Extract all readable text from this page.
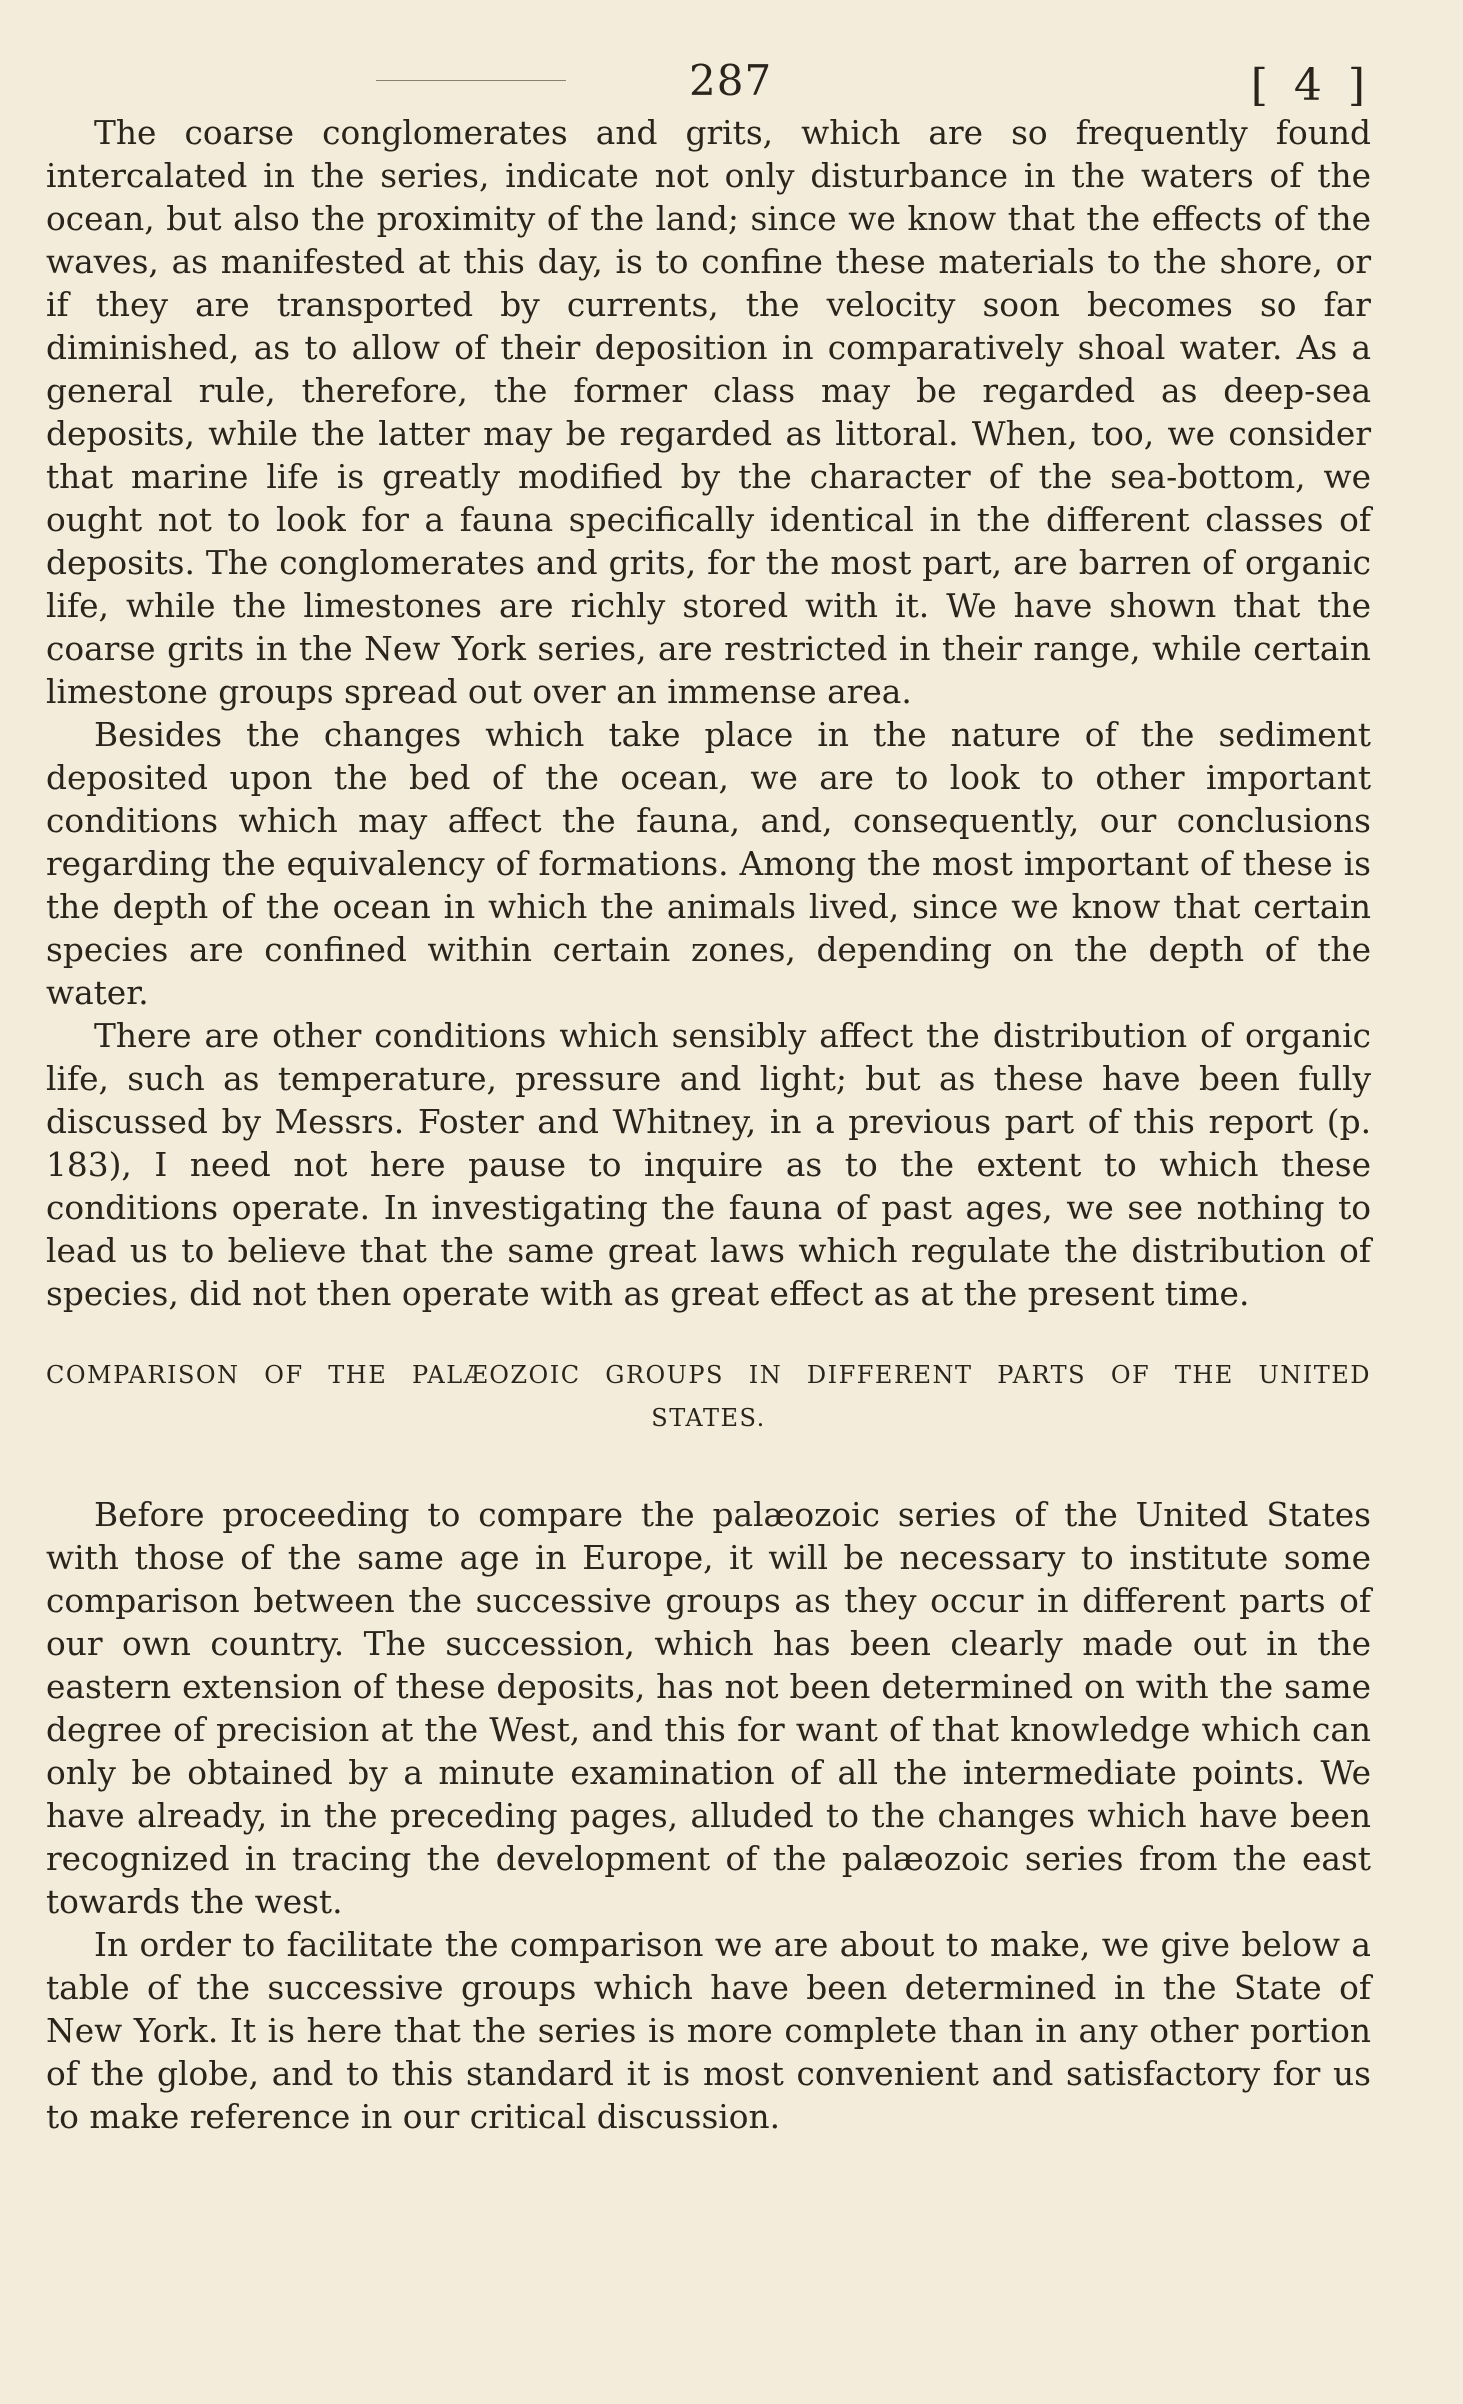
287	[ 4 ]

The coarse conglomerates and grits, which are so frequently found intercalated in the series, indicate not only disturbance in the waters of the ocean, but also the proximity of the land; since we know that the effects of the waves, as manifested at this day, is to confine these materials to the shore, or if they are transported by currents, the velocity soon becomes so far diminished, as to allow of their deposition in comparatively shoal water. As a general rule, therefore, the former class may be regarded as deep-sea deposits, while the latter may be regarded as littoral. When, too, we consider that marine life is greatly modified by the character of the sea-bottom, we ought not to look for a fauna specifically identical in the different classes of deposits. The conglomerates and grits, for the most part, are barren of organic life, while the limestones are richly stored with it. We have shown that the coarse grits in the New York series, are restricted in their range, while certain limestone groups spread out over an immense area.

Besides the changes which take place in the nature of the sediment deposited upon the bed of the ocean, we are to look to other important conditions which may affect the fauna, and, consequently, our conclusions regarding the equivalency of formations. Among the most important of these is the depth of the ocean in which the animals lived, since we know that certain species are confined within certain zones, depending on the depth of the water.

There are other conditions which sensibly affect the distribution of organic life, such as temperature, pressure and light; but as these have been fully discussed by Messrs. Foster and Whitney, in a previous part of this report (p. 183), I need not here pause to inquire as to the extent to which these conditions operate. In investigating the fauna of past ages, we see nothing to lead us to believe that the same great laws which regulate the distribution of species, did not then operate with as great effect as at the present time.

COMPARISON OF THE PALÆOZOIC GROUPS IN DIFFERENT PARTS OF THE UNITED
STATES.

Before proceeding to compare the palæozoic series of the United States with those of the same age in Europe, it will be necessary to institute some comparison between the successive groups as they occur in different parts of our own country. The succession, which has been clearly made out in the eastern extension of these deposits, has not been determined on with the same degree of precision at the West, and this for want of that knowledge which can only be obtained by a minute examination of all the intermediate points. We have already, in the preceding pages, alluded to the changes which have been recognized in tracing the development of the palæozoic series from the east towards the west.

In order to facilitate the comparison we are about to make, we give below a table of the successive groups which have been determined in the State of New York. It is here that the series is more complete than in any other portion of the globe, and to this standard it is most convenient and satisfactory for us to make reference in our critical discussion.
